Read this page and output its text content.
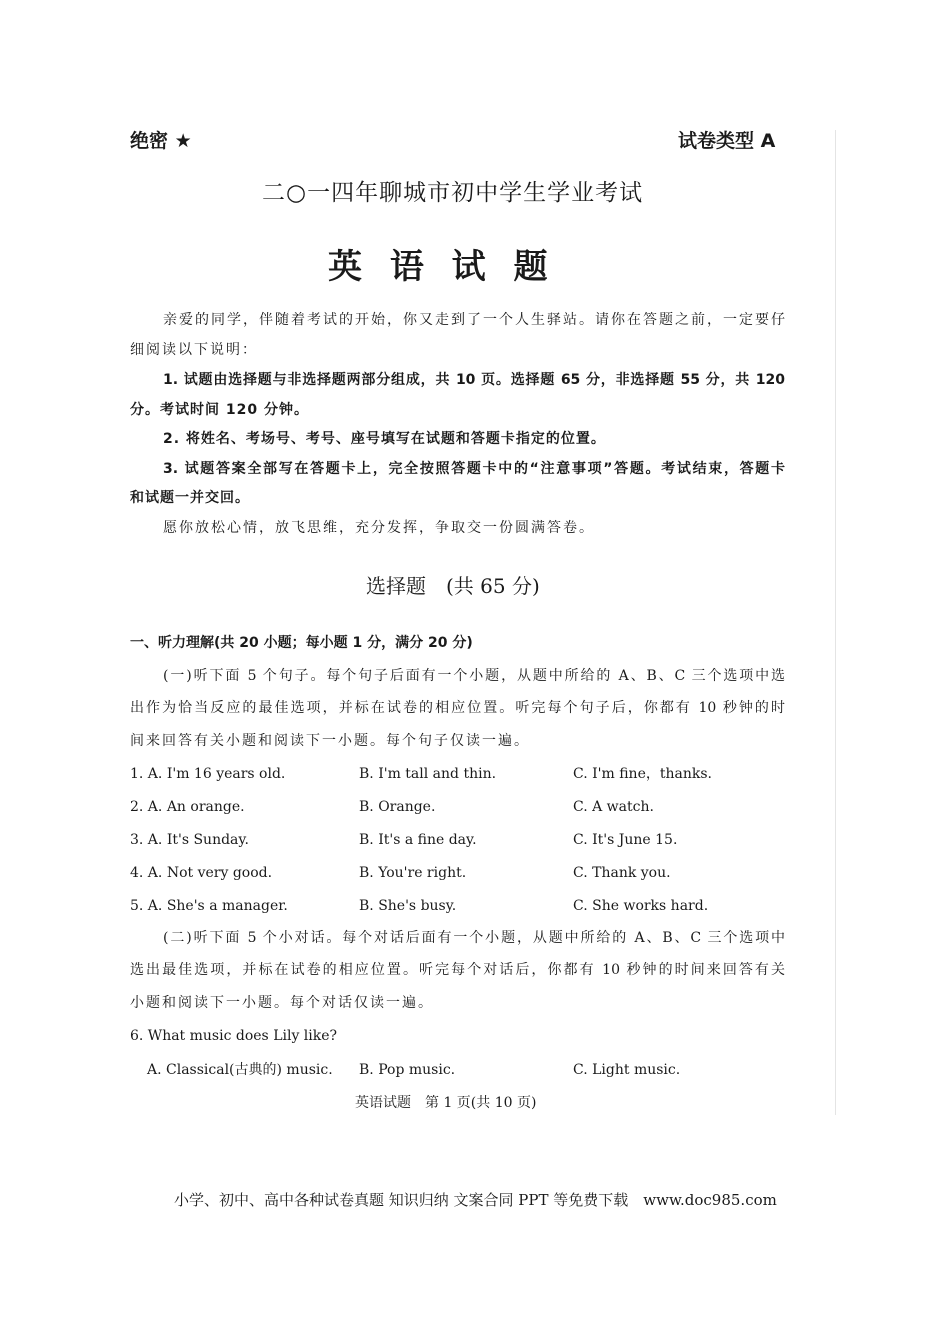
绝密 ★	试卷类型 A
二○一四年聊城市初中学生学业考试
英 语 试 题
亲爱的同学，伴随着考试的开始，你又走到了一个人生驿站。请你在答题之前，一定要仔
细阅读以下说明：
1. 试题由选择题与非选择题两部分组成，共 10 页。选择题 65 分，非选择题 55 分，共 120
分。考试时间 120 分钟。
2. 将姓名、考场号、考号、座号填写在试题和答题卡指定的位置。
3. 试题答案全部写在答题卡上，完全按照答题卡中的“注意事项”答题。考试结束，答题卡
和试题一并交回。
愿你放松心情，放飞思维，充分发挥，争取交一份圆满答卷。
选择题　(共 65 分)
一、听力理解(共 20 小题；每小题 1 分，满分 20 分)
(一)听下面 5 个句子。每个句子后面有一个小题，从题中所给的 A、B、C 三个选项中选
出作为恰当反应的最佳选项，并标在试卷的相应位置。听完每个句子后，你都有 10 秒钟的时
间来回答有关小题和阅读下一小题。每个句子仅读一遍。
1. A. I'm 16 years old.	B. I'm tall and thin.	C. I'm fine，thanks.
2. A. An orange.	B. Orange.	C. A watch.
3. A. It's Sunday.	B. It's a fine day.	C. It's June 15.
4. A. Not very good.	B. You're right.	C. Thank you.
5. A. She's a manager.	B. She's busy.	C. She works hard.
(二)听下面 5 个小对话。每个对话后面有一个小题，从题中所给的 A、B、C 三个选项中
选出最佳选项，并标在试卷的相应位置。听完每个对话后，你都有 10 秒钟的时间来回答有关
小题和阅读下一小题。每个对话仅读一遍。
6. What music does Lily like?
A. Classical(古典的) music. B. Pop music.	C. Light music.
英语试题　第 1 页(共 10 页)
小学、初中、高中各种试卷真题 知识归纳 文案合同 PPT 等免费下载　www.doc985.com
